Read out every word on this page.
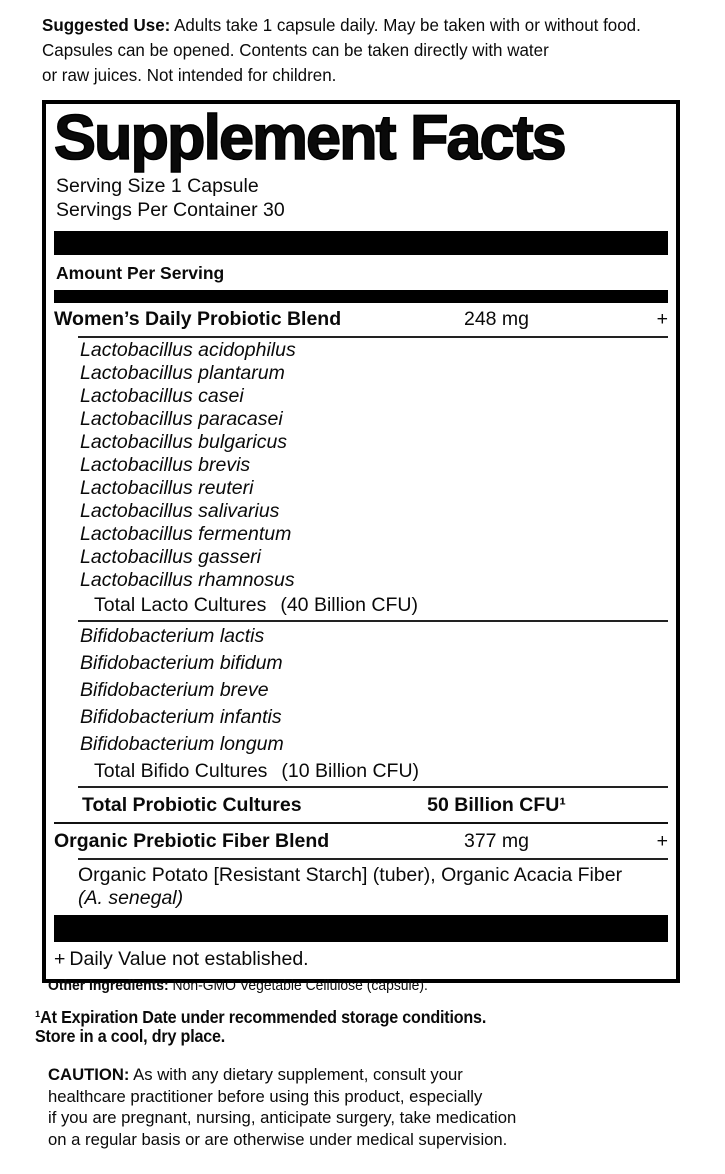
Suggested Use: Adults take 1 capsule daily. May be taken with or without food.
Capsules can be opened. Contents can be taken directly with water
or raw juices. Not intended for children.

Supplement Facts
Serving Size 1 Capsule
Servings Per Container 30
Amount Per Serving
Women’s Daily Probiotic Blend	248 mg	+
Lactobacillus acidophilus
Lactobacillus plantarum
Lactobacillus casei
Lactobacillus paracasei
Lactobacillus bulgaricus
Lactobacillus brevis
Lactobacillus reuteri
Lactobacillus salivarius
Lactobacillus fermentum
Lactobacillus gasseri
Lactobacillus rhamnosus
Total Lacto Cultures (40 Billion CFU)
Bifidobacterium lactis
Bifidobacterium bifidum
Bifidobacterium breve
Bifidobacterium infantis
Bifidobacterium longum
Total Bifido Cultures (10 Billion CFU)
Total Probiotic Cultures	50 Billion CFU¹
Organic Prebiotic Fiber Blend	377 mg	+
Organic Potato [Resistant Starch] (tuber), Organic Acacia Fiber
(A. senegal)
+ Daily Value not established.

Other Ingredients: Non-GMO Vegetable Cellulose (capsule).

¹At Expiration Date under recommended storage conditions.
Store in a cool, dry place.

CAUTION: As with any dietary supplement, consult your
healthcare practitioner before using this product, especially
if you are pregnant, nursing, anticipate surgery, take medication
on a regular basis or are otherwise under medical supervision.
